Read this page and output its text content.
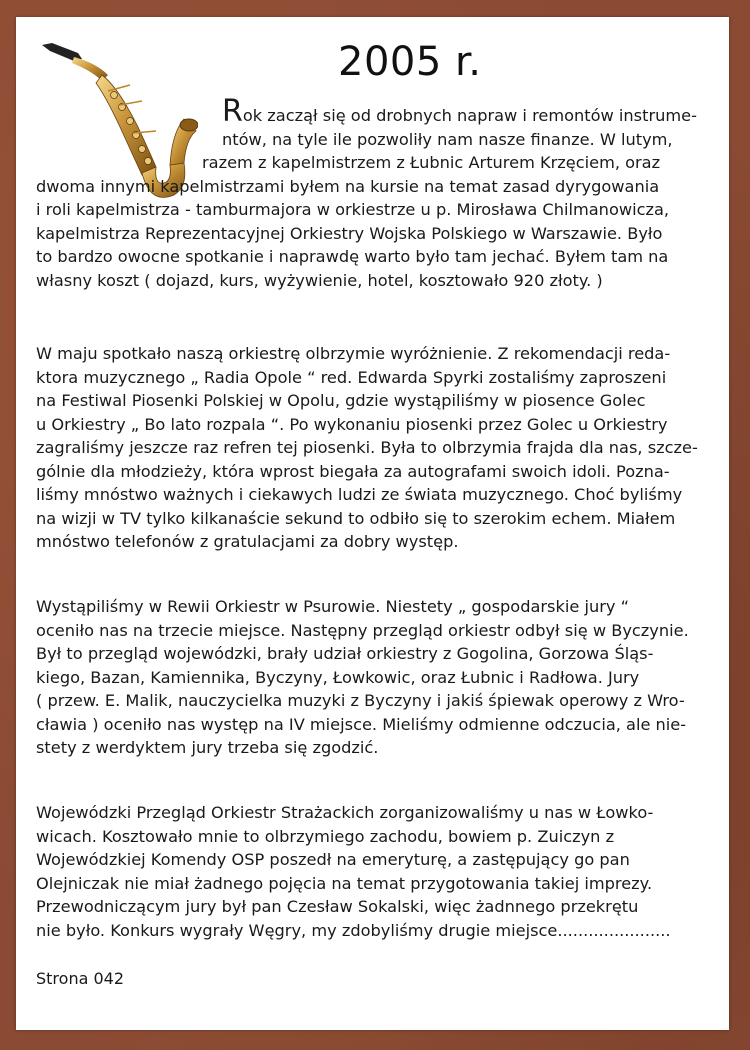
2005 r.

Rok zaczął się od drobnych napraw i remontów instrume-
ntów, na tyle ile pozwoliły nam nasze finanze. W lutym,
razem z kapelmistrzem z Łubnic Arturem Krzęciem, oraz
dwoma innymi kapelmistrzami byłem na kursie na temat zasad dyrygowania
i roli kapelmistrza - tamburmajora w orkiestrze u p. Mirosława Chilmanowicza,
kapelmistrza Reprezentacyjnej Orkiestry Wojska Polskiego w Warszawie. Było
to bardzo owocne spotkanie i naprawdę warto było tam jechać. Byłem tam na
własny koszt ( dojazd, kurs, wyżywienie, hotel, kosztowało 920 złoty. )

W maju spotkało naszą orkiestrę olbrzymie wyróżnienie. Z rekomendacji reda-
ktora muzycznego „ Radia Opole “ red. Edwarda Spyrki zostaliśmy zaproszeni
na Festiwal Piosenki Polskiej w Opolu, gdzie wystąpiliśmy w piosence Golec
u Orkiestry „ Bo lato rozpala “. Po wykonaniu piosenki przez Golec u Orkiestry
zagraliśmy jeszcze raz refren tej piosenki. Była to olbrzymia frajda dla nas, szcze-
gólnie dla młodzieży, która wprost biegała za autografami swoich idoli. Pozna-
liśmy mnóstwo ważnych i ciekawych ludzi ze świata muzycznego. Choć byliśmy
na wizji w TV tylko kilkanaście sekund to odbiło się to szerokim echem. Miałem
mnóstwo telefonów z gratulacjami za dobry występ.

Wystąpiliśmy w Rewii Orkiestr w Psurowie. Niestety „ gospodarskie jury “
oceniło nas na trzecie miejsce. Następny przegląd orkiestr odbył się w Byczynie.
Był to przegląd wojewódzki, brały udział orkiestry z Gogolina, Gorzowa Śląs-
kiego, Bazan, Kamiennika, Byczyny, Łowkowic, oraz Łubnic i Radłowa. Jury
( przew. E. Malik, nauczycielka muzyki z Byczyny i jakiś śpiewak operowy z Wro-
cławia ) oceniło nas występ na IV miejsce. Mieliśmy odmienne odczucia, ale nie-
stety z werdyktem jury trzeba się zgodzić.

Wojewódzki Przegląd Orkiestr Strażackich zorganizowaliśmy u nas w Łowko-
wicach. Kosztowało mnie to olbrzymiego zachodu, bowiem p. Zuiczyn z
Wojewódzkiej Komendy OSP poszedł na emeryturę, a zastępujący go pan
Olejniczak nie miał żadnego pojęcia na temat przygotowania takiej imprezy.
Przewodniczącym jury był pan Czesław Sokalski, więc żadnnego przekrętu
nie było. Konkurs wygrały Węgry, my zdobyliśmy drugie miejsce......................

Strona 042
